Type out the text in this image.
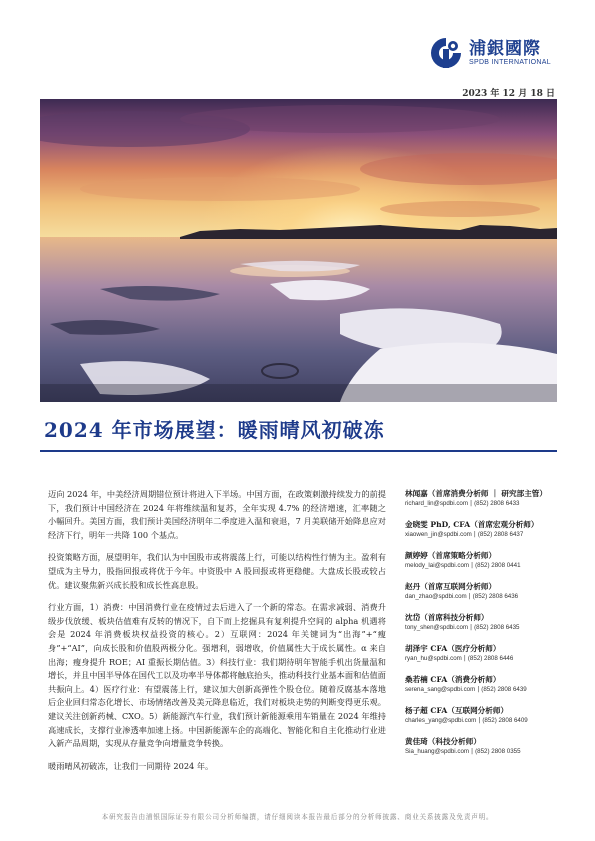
浦銀國際
SPDB INTERNATIONAL
2023 年 12 月 18 日
2024 年市场展望：暖雨晴风初破冻

迈向 2024 年，中美经济周期错位预计将进入下半场。中国方面，在政策刺激持续发力的前提下，我们预计中国经济在 2024 年将维续温和复苏，全年实现 4.7% 的经济增速，汇率随之小幅回升。美国方面，我们预计美国经济明年二季度进入温和衰退，7 月美联储开始降息应对经济下行，明年一共降 100 个基点。

投资策略方面，展望明年，我们认为中国股市或将震荡上行，可能以结构性行情为主。盈利有望成为主导力，股指回报或将优于今年。中资股中 A 股回报或将更稳健。大盘成长股或较占优。建议聚焦新兴成长股和成长性高息股。

行业方面，1）消费：中国消费行业在疫情过去后进入了一个新的常态。在需求减弱、消费升级步伐放缓、板块估值难有反转的情况下，自下而上挖掘具有复利提升空间的 alpha 机遇将会是 2024 年消费板块权益投资的核心。2）互联网：2024 年关键词为“出海”+“瘦身”+“AI”，向成长股和价值股两极分化。强增利，弱增收，价值属性大于成长属性。α 来自出海；瘦身提升 ROE；AI 重振长期估值。3）科技行业：我们期待明年智能手机出货量温和增长，并且中国半导体在国代工以及功率半导体都将触底抬头，推动科技行业基本面和估值面共振向上。4）医疗行业：有望震荡上行，建议加大创新高弹性个股仓位。随着反腐基本落地后企业回归常态化增长、市场情绪改善及美元降息临近，我们对板块走势的判断变得更乐观。建议关注创新药械、CXO。5）新能源汽车行业，我们预计新能源乘用车销量在 2024 年维持高速成长，支撑行业渗透率加速上扬。中国新能源车企的高端化、智能化和自主化推动行业进入新产品周期，实现从存量竞争向增量竞争转换。

暖雨晴风初破冻，让我们一同期待 2024 年。

林闻嘉（首席消费分析师 ｜ 研究部主管）
richard_lin@spdbi.com | (852) 2808 6433
金晓雯 PhD, CFA（首席宏观分析师）
xiaowen_jin@spdbi.com | (852) 2808 6437
颜婷婷（首席策略分析师）
melody_lai@spdbi.com | (852) 2808 0441
赵丹（首席互联网分析师）
dan_zhao@spdbi.com | (852) 2808 6436
沈岱（首席科技分析师）
tony_shen@spdbi.com | (852) 2808 6435
胡泽宇 CFA（医疗分析师）
ryan_hu@spdbi.com | (852) 2808 6446
桑若楠 CFA（消费分析师）
serena_sang@spdbi.com | (852) 2808 6439
杨子超 CFA（互联网分析师）
charles_yang@spdbi.com | (852) 2808 6409
黄佳琦（科技分析师）
Sia_huang@spdbi.com | (852) 2808 0355
本研究报告由浦银国际证券有限公司分析师编撰，请仔细阅读本报告最后部分的分析师披露、商业关系披露及免责声明。
